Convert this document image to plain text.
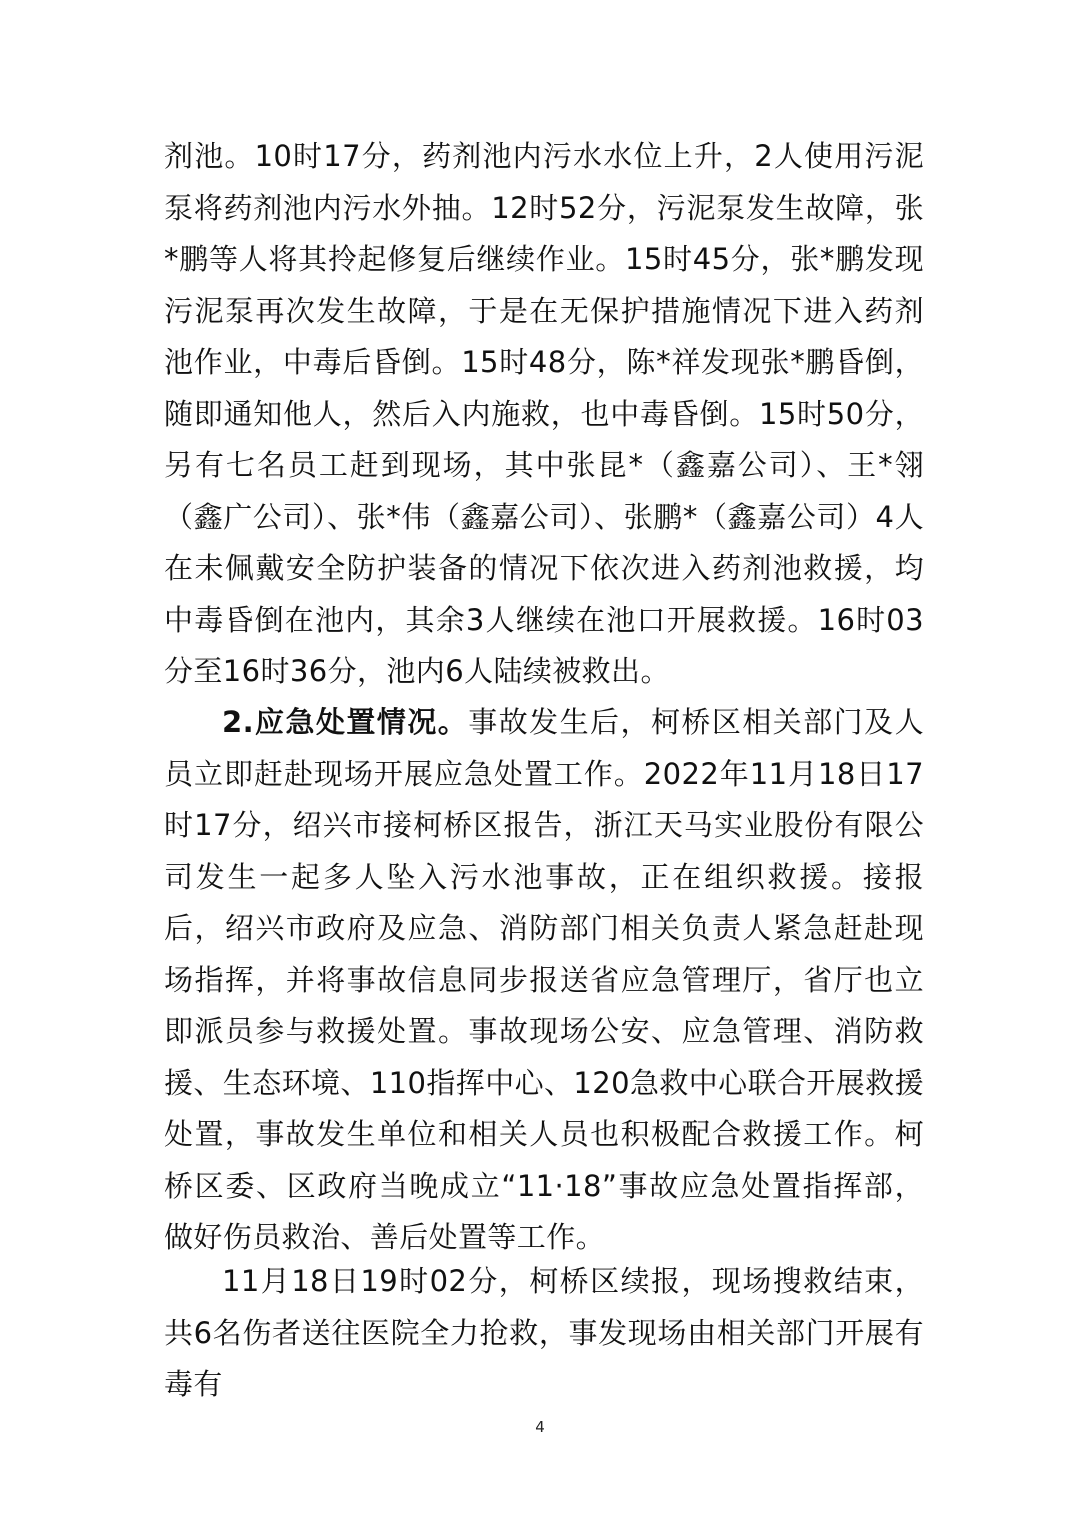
剂池。10时17分，药剂池内污水水位上升，2人使用污泥泵将药剂池内污水外抽。12时52分，污泥泵发生故障，张*鹏等人将其拎起修复后继续作业。15时45分，张*鹏发现污泥泵再次发生故障，于是在无保护措施情况下进入药剂池作业，中毒后昏倒。15时48分，陈*祥发现张*鹏昏倒，随即通知他人，然后入内施救，也中毒昏倒。15时50分，另有七名员工赶到现场，其中张昆*（鑫嘉公司）、王*翎（鑫广公司）、张*伟（鑫嘉公司）、张鹏*（鑫嘉公司）4人在未佩戴安全防护装备的情况下依次进入药剂池救援，均中毒昏倒在池内，其余3人继续在池口开展救援。16时03分至16时36分，池内6人陆续被救出。

2.应急处置情况。事故发生后，柯桥区相关部门及人员立即赶赴现场开展应急处置工作。2022年11月18日17时17分，绍兴市接柯桥区报告，浙江天马实业股份有限公司发生一起多人坠入污水池事故，正在组织救援。接报后，绍兴市政府及应急、消防部门相关负责人紧急赶赴现场指挥，并将事故信息同步报送省应急管理厅，省厅也立即派员参与救援处置。事故现场公安、应急管理、消防救援、生态环境、110指挥中心、120急救中心联合开展救援处置，事故发生单位和相关人员也积极配合救援工作。柯桥区委、区政府当晚成立“11·18”事故应急处置指挥部，做好伤员救治、善后处置等工作。

11月18日19时02分，柯桥区续报，现场搜救结束，共6名伤者送往医院全力抢救，事发现场由相关部门开展有毒有

4
